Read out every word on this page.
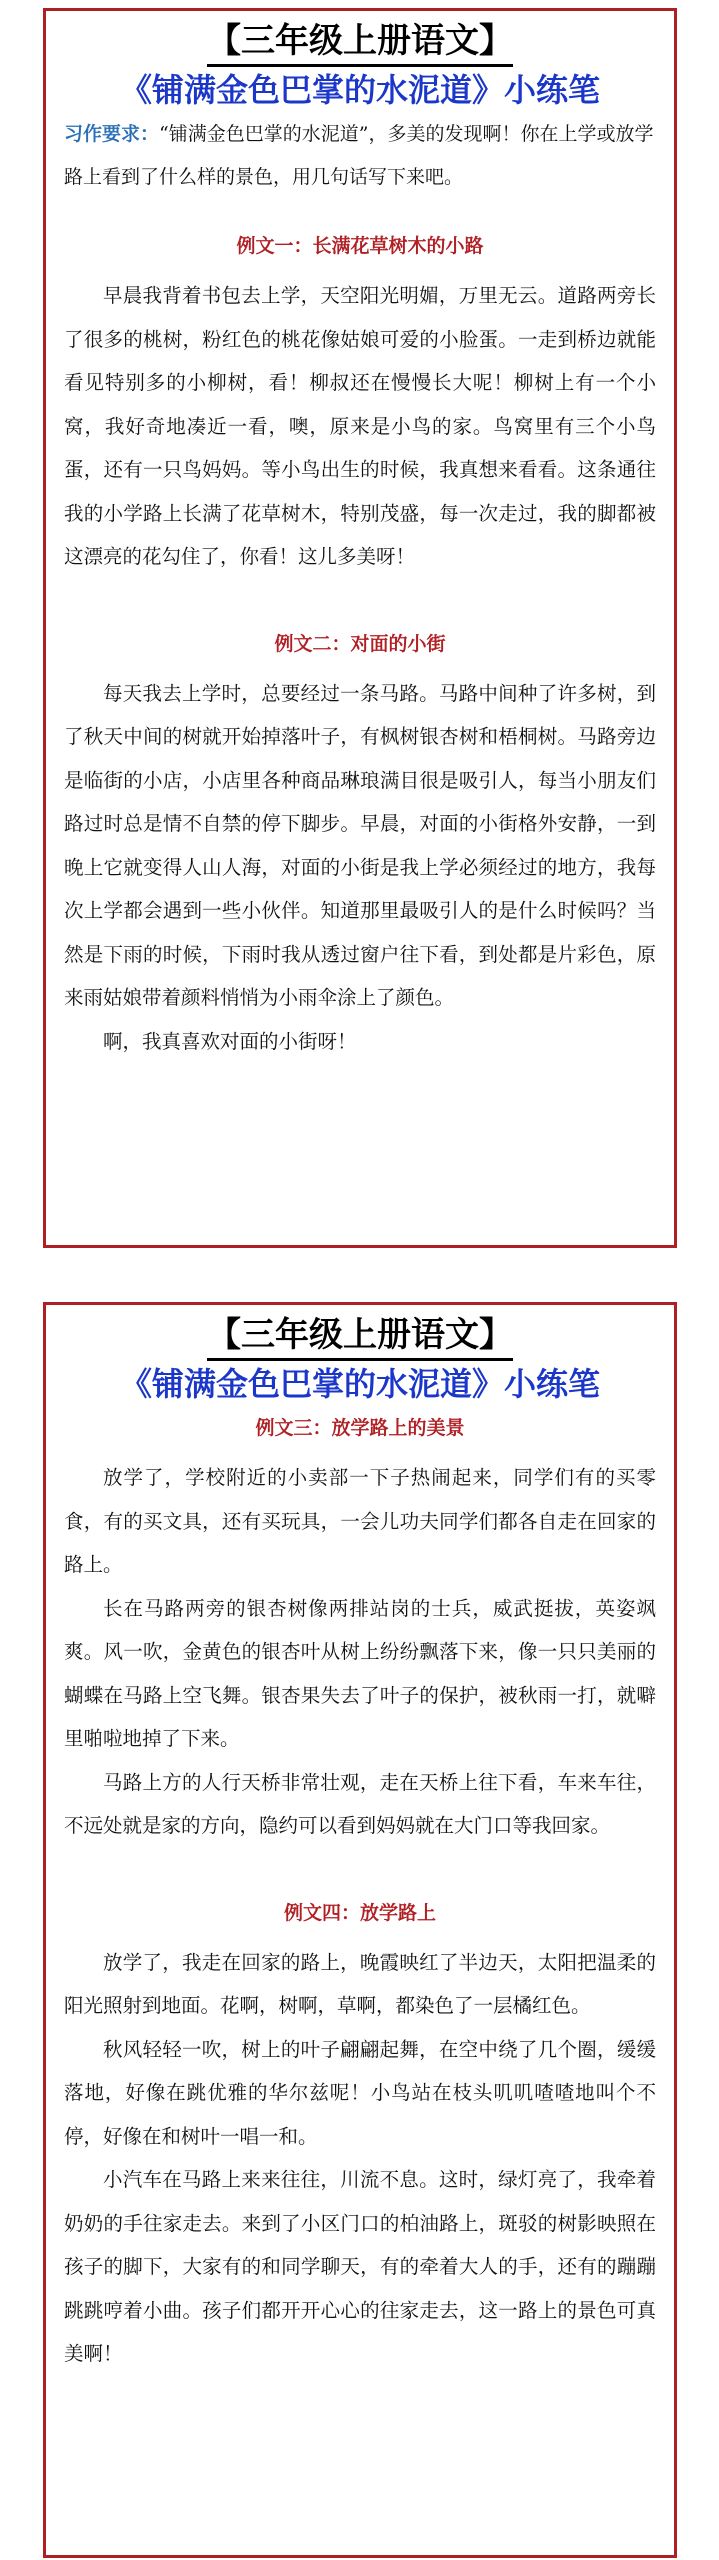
【三年级上册语文】
《铺满金色巴掌的水泥道》小练笔
习作要求：“铺满金色巴掌的水泥道”，多美的发现啊！你在上学或放学路上看到了什么样的景色，用几句话写下来吧。
例文一：长满花草树木的小路

早晨我背着书包去上学，天空阳光明媚，万里无云。道路两旁长了很多的桃树，粉红色的桃花像姑娘可爱的小脸蛋。一走到桥边就能看见特别多的小柳树，看！柳叔还在慢慢长大呢！柳树上有一个小窝，我好奇地凑近一看，噢，原来是小鸟的家。鸟窝里有三个小鸟蛋，还有一只鸟妈妈。等小鸟出生的时候，我真想来看看。这条通往我的小学路上长满了花草树木，特别茂盛，每一次走过，我的脚都被这漂亮的花勾住了，你看！这儿多美呀！

例文二：对面的小街

每天我去上学时，总要经过一条马路。马路中间种了许多树，到了秋天中间的树就开始掉落叶子，有枫树银杏树和梧桐树。马路旁边是临街的小店，小店里各种商品琳琅满目很是吸引人，每当小朋友们路过时总是情不自禁的停下脚步。早晨，对面的小街格外安静，一到晚上它就变得人山人海，对面的小街是我上学必须经过的地方，我每次上学都会遇到一些小伙伴。知道那里最吸引人的是什么时候吗？当然是下雨的时候，下雨时我从透过窗户往下看，到处都是片彩色，原来雨姑娘带着颜料悄悄为小雨伞涂上了颜色。

啊，我真喜欢对面的小街呀！

【三年级上册语文】
《铺满金色巴掌的水泥道》小练笔
例文三：放学路上的美景

放学了，学校附近的小卖部一下子热闹起来，同学们有的买零食，有的买文具，还有买玩具，一会儿功夫同学们都各自走在回家的路上。

长在马路两旁的银杏树像两排站岗的士兵，威武挺拔，英姿飒爽。风一吹，金黄色的银杏叶从树上纷纷飘落下来，像一只只美丽的蝴蝶在马路上空飞舞。银杏果失去了叶子的保护，被秋雨一打，就噼里啪啦地掉了下来。

马路上方的人行天桥非常壮观，走在天桥上往下看，车来车往，不远处就是家的方向，隐约可以看到妈妈就在大门口等我回家。

例文四：放学路上

放学了，我走在回家的路上，晚霞映红了半边天，太阳把温柔的阳光照射到地面。花啊，树啊，草啊，都染色了一层橘红色。

秋风轻轻一吹，树上的叶子翩翩起舞，在空中绕了几个圈，缓缓落地，好像在跳优雅的华尔兹呢！小鸟站在枝头叽叽喳喳地叫个不停，好像在和树叶一唱一和。

小汽车在马路上来来往往，川流不息。这时，绿灯亮了，我牵着奶奶的手往家走去。来到了小区门口的柏油路上，斑驳的树影映照在孩子的脚下，大家有的和同学聊天，有的牵着大人的手，还有的蹦蹦跳跳哼着小曲。孩子们都开开心心的往家走去，这一路上的景色可真美啊！
